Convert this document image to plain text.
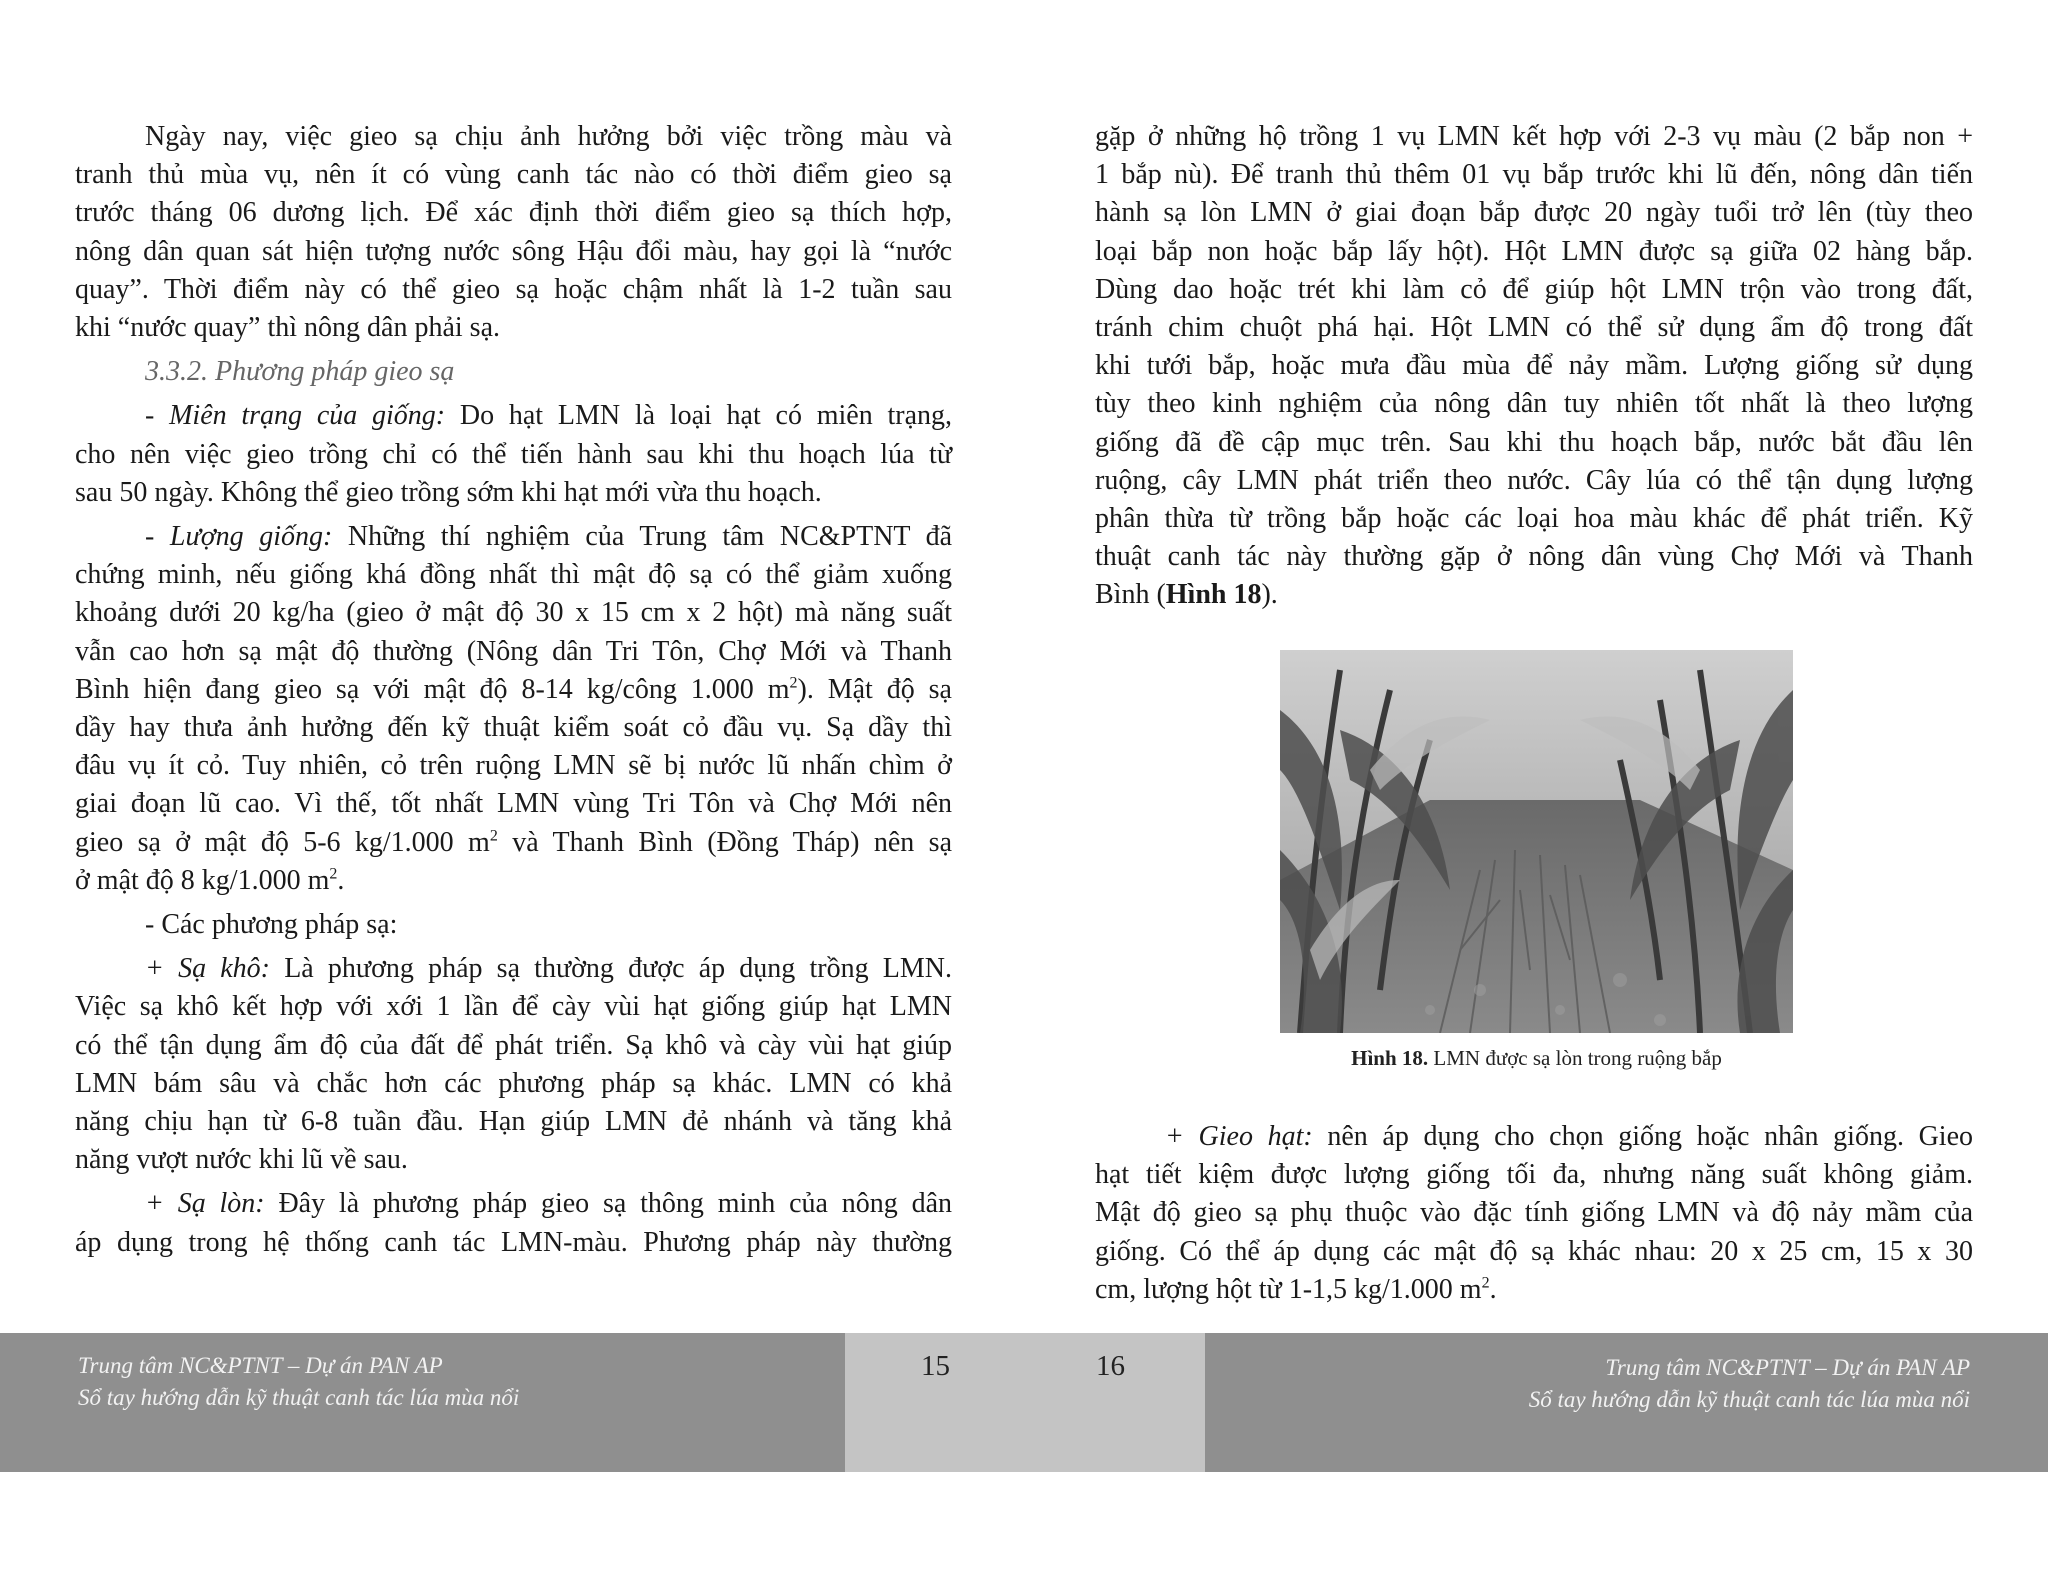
Ngày nay, việc gieo sạ chịu ảnh hưởng bởi việc trồng màu và
tranh thủ mùa vụ, nên ít có vùng canh tác nào có thời điểm gieo sạ
trước tháng 06 dương lịch. Để xác định thời điểm gieo sạ thích hợp,
nông dân quan sát hiện tượng nước sông Hậu đổi màu, hay gọi là “nước
quay”. Thời điểm này có thể gieo sạ hoặc chậm nhất là 1-2 tuần sau
khi “nước quay” thì nông dân phải sạ.

3.3.2. Phương pháp gieo sạ

- Miên trạng của giống: Do hạt LMN là loại hạt có miên trạng,
cho nên việc gieo trồng chỉ có thể tiến hành sau khi thu hoạch lúa từ
sau 50 ngày. Không thể gieo trồng sớm khi hạt mới vừa thu hoạch.

- Lượng giống: Những thí nghiệm của Trung tâm NC&PTNT đã
chứng minh, nếu giống khá đồng nhất thì mật độ sạ có thể giảm xuống
khoảng dưới 20 kg/ha (gieo ở mật độ 30 x 15 cm x 2 hột) mà năng suất
vẫn cao hơn sạ mật độ thường (Nông dân Tri Tôn, Chợ Mới và Thanh
Bình hiện đang gieo sạ với mật độ 8-14 kg/công 1.000 $m^2$). Mật độ sạ
dầy hay thưa ảnh hưởng đến kỹ thuật kiểm soát cỏ đầu vụ. Sạ dầy thì
đâu vụ ít cỏ. Tuy nhiên, cỏ trên ruộng LMN sẽ bị nước lũ nhấn chìm ở
giai đoạn lũ cao. Vì thế, tốt nhất LMN vùng Tri Tôn và Chợ Mới nên
gieo sạ ở mật độ 5-6 kg/1.000 $m^2$ và Thanh Bình (Đồng Tháp) nên sạ
ở mật độ 8 kg/1.000 $m^2$.

- Các phương pháp sạ:

+ Sạ khô: Là phương pháp sạ thường được áp dụng trồng LMN.
Việc sạ khô kết hợp với xới 1 lần để cày vùi hạt giống giúp hạt LMN
có thể tận dụng ẩm độ của đất để phát triển. Sạ khô và cày vùi hạt giúp
LMN bám sâu và chắc hơn các phương pháp sạ khác. LMN có khả
năng chịu hạn từ 6-8 tuần đầu. Hạn giúp LMN đẻ nhánh và tăng khả
năng vượt nước khi lũ về sau.

+ Sạ lòn: Đây là phương pháp gieo sạ thông minh của nông dân
áp dụng trong hệ thống canh tác LMN-màu. Phương pháp này thường

gặp ở những hộ trồng 1 vụ LMN kết hợp với 2-3 vụ màu (2 bắp non +
1 bắp nù). Để tranh thủ thêm 01 vụ bắp trước khi lũ đến, nông dân tiến
hành sạ lòn LMN ở giai đoạn bắp được 20 ngày tuổi trở lên (tùy theo
loại bắp non hoặc bắp lấy hột). Hột LMN được sạ giữa 02 hàng bắp.
Dùng dao hoặc trét khi làm cỏ để giúp hột LMN trộn vào trong đất,
tránh chim chuột phá hại. Hột LMN có thể sử dụng ẩm độ trong đất
khi tưới bắp, hoặc mưa đầu mùa để nảy mầm. Lượng giống sử dụng
tùy theo kinh nghiệm của nông dân tuy nhiên tốt nhất là theo lượng
giống đã đề cập mục trên. Sau khi thu hoạch bắp, nước bắt đầu lên
ruộng, cây LMN phát triển theo nước. Cây lúa có thể tận dụng lượng
phân thừa từ trồng bắp hoặc các loại hoa màu khác để phát triển. Kỹ
thuật canh tác này thường gặp ở nông dân vùng Chợ Mới và Thanh
Bình (Hình 18).

Hình 18. LMN được sạ lòn trong ruộng bắp

+ Gieo hạt: nên áp dụng cho chọn giống hoặc nhân giống. Gieo
hạt tiết kiệm được lượng giống tối đa, nhưng năng suất không giảm.
Mật độ gieo sạ phụ thuộc vào đặc tính giống LMN và độ nảy mầm của
giống. Có thể áp dụng các mật độ sạ khác nhau: 20 x 25 cm, 15 x 30
cm, lượng hột từ 1-1,5 kg/1.000 $m^2$.

Trung tâm NC&PTNT – Dự án PAN AP
Sổ tay hướng dẫn kỹ thuật canh tác lúa mùa nổi
Trung tâm NC&PTNT – Dự án PAN AP
Sổ tay hướng dẫn kỹ thuật canh tác lúa mùa nổi
15	16
